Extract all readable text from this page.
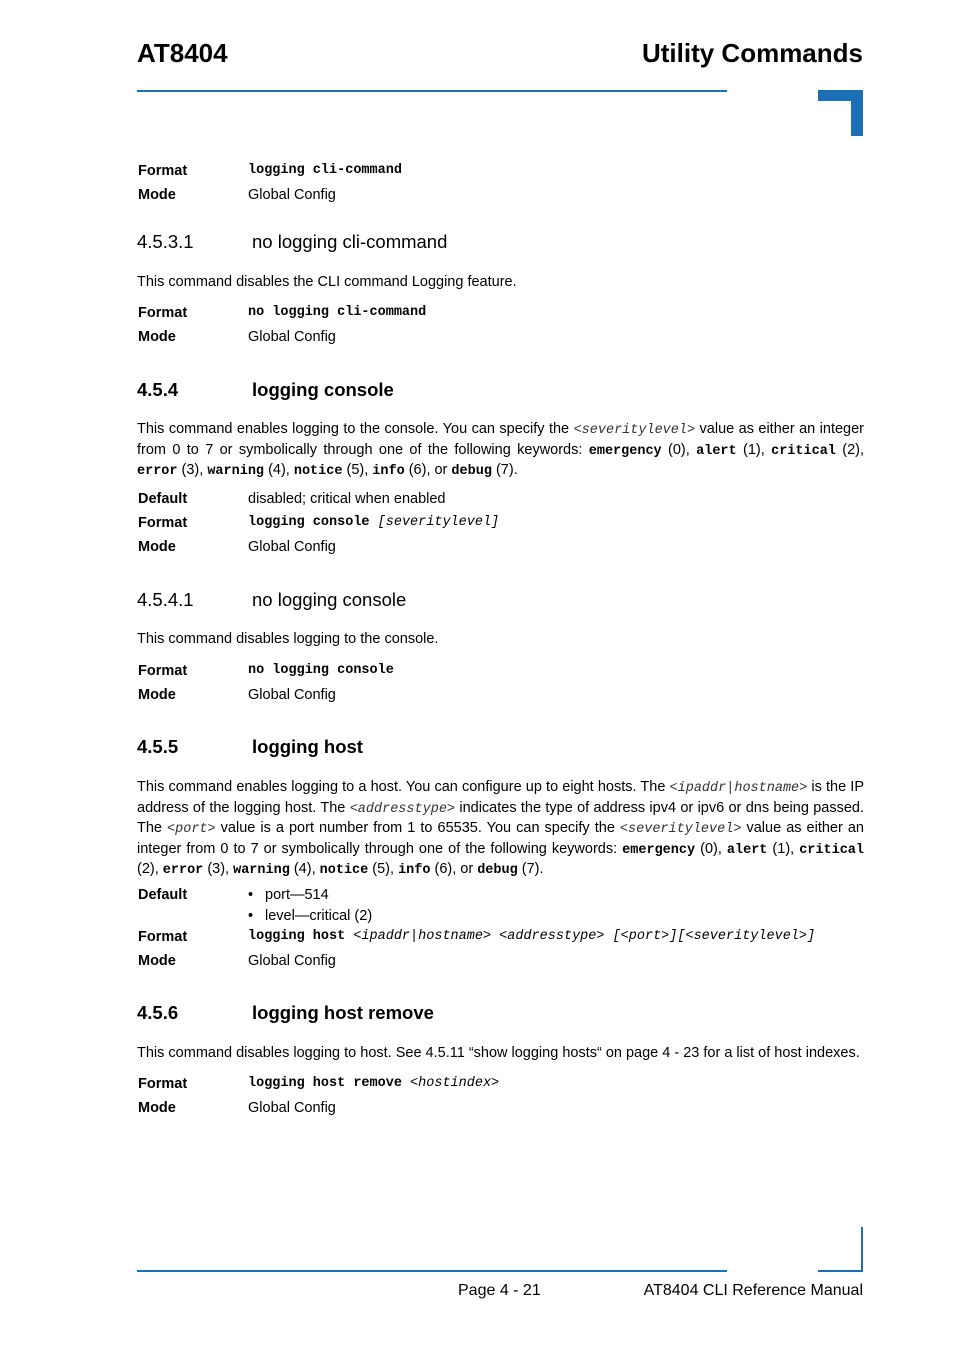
AT8404	Utility Commands
Format	logging cli-command
Mode	Global Config
4.5.3.1	no logging cli-command
This command disables the CLI command Logging feature.
Format	no logging cli-command
Mode	Global Config
4.5.4	logging console
This command enables logging to the console. You can specify the <severitylevel> value as either an integer from 0 to 7 or symbolically through one of the following keywords: emergency (0), alert (1), critical (2), error (3), warning (4), notice (5), info (6), or debug (7).
Default	disabled; critical when enabled
Format	logging console [severitylevel]
Mode	Global Config
4.5.4.1	no logging console
This command disables logging to the console.
Format	no logging console
Mode	Global Config
4.5.5	logging host
This command enables logging to a host. You can configure up to eight hosts. The <ipaddr|hostname> is the IP address of the logging host. The <addresstype> indicates the type of address ipv4 or ipv6 or dns being passed. The <port> value is a port number from 1 to 65535. You can specify the <severitylevel> value as either an integer from 0 to 7 or symbolically through one of the following keywords: emergency (0), alert (1), critical (2), error (3), warning (4), notice (5), info (6), or debug (7).
Default	• port—514
• level—critical (2)
Format	logging host <ipaddr|hostname> <addresstype> [<port>][<severitylevel>]
Mode	Global Config
4.5.6	logging host remove
This command disables logging to host. See 4.5.11 “show logging hosts“ on page 4 - 23 for a list of host indexes.
Format	logging host remove <hostindex>
Mode	Global Config
Page 4 - 21	AT8404 CLI Reference Manual
